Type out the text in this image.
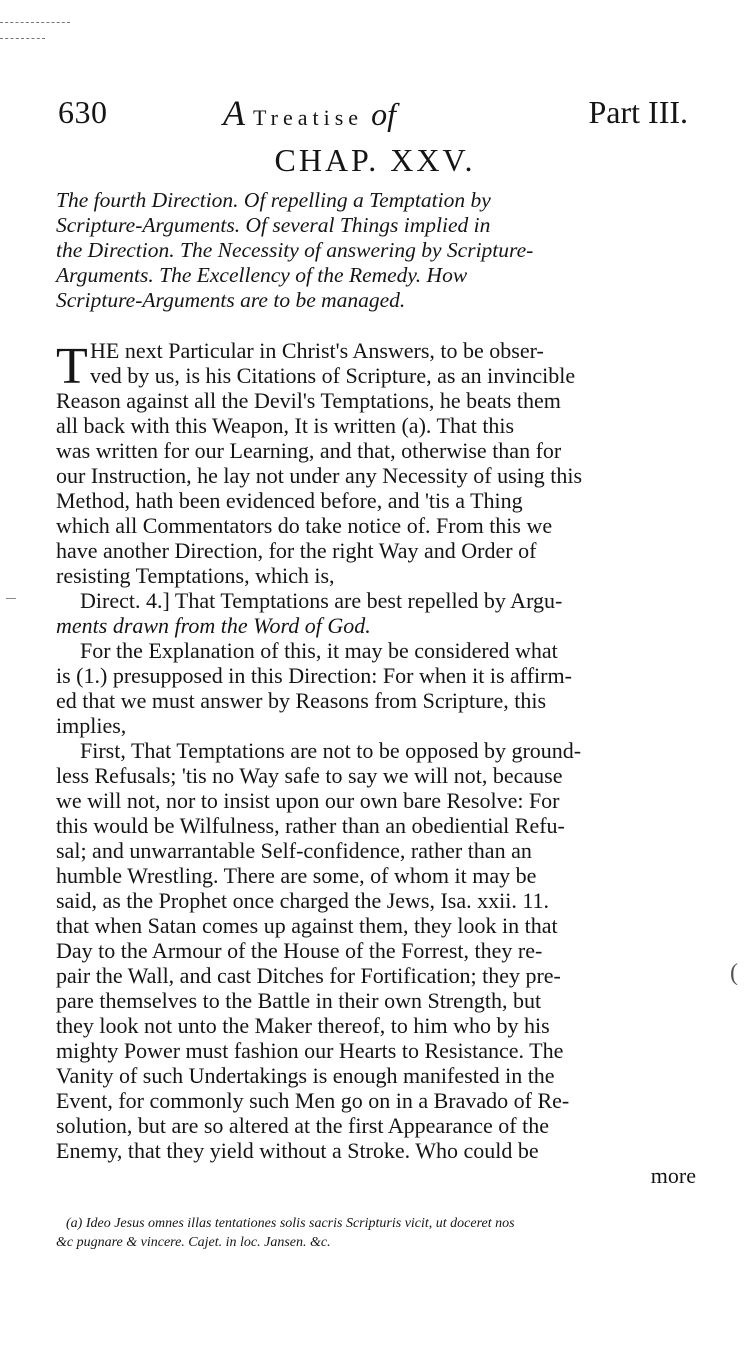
630	A Treatise of	Part III.
CHAP. XXV.
The fourth Direction. Of repelling a Temptation by
Scripture-Arguments. Of several Things implied in
the Direction. The Necessity of answering by Scripture-
Arguments. The Excellency of the Remedy. How
Scripture-Arguments are to be managed.
T HE next Particular in Christ's Answers, to be obser-
ved by us, is his Citations of Scripture, as an invincible
Reason against all the Devil's Temptations, he beats them
all back with this Weapon, It is written (a). That this
was written for our Learning, and that, otherwise than for
our Instruction, he lay not under any Necessity of using this
Method, hath been evidenced before, and 'tis a Thing
which all Commentators do take notice of. From this we
have another Direction, for the right Way and Order of
resisting Temptations, which is,
Direct. 4.] That Temptations are best repelled by Argu-
ments drawn from the Word of God.
For the Explanation of this, it may be considered what
is (1.) presupposed in this Direction: For when it is affirm-
ed that we must answer by Reasons from Scripture, this
implies,
First, That Temptations are not to be opposed by ground-
less Refusals; 'tis no Way safe to say we will not, because
we will not, nor to insist upon our own bare Resolve: For
this would be Wilfulness, rather than an obediential Refu-
sal; and unwarrantable Self-confidence, rather than an
humble Wrestling. There are some, of whom it may be
said, as the Prophet once charged the Jews, Isa. xxii. 11.
that when Satan comes up against them, they look in that
Day to the Armour of the House of the Forrest, they re-
pair the Wall, and cast Ditches for Fortification; they pre-
pare themselves to the Battle in their own Strength, but
they look not unto the Maker thereof, to him who by his
mighty Power must fashion our Hearts to Resistance. The
Vanity of such Undertakings is enough manifested in the
Event, for commonly such Men go on in a Bravado of Re-
solution, but are so altered at the first Appearance of the
Enemy, that they yield without a Stroke. Who could be
more
(
(a) Ideo Jesus omnes illas tentationes solis sacris Scripturis vicit, ut doceret nos
&c pugnare & vincere. Cajet. in loc. Jansen. &c.
